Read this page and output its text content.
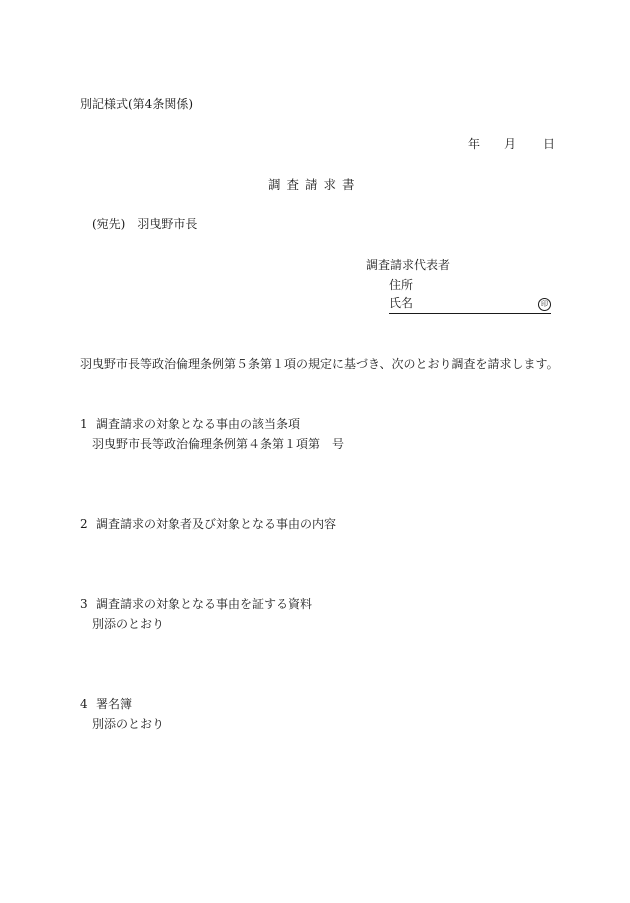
別記様式(第4条関係)
年 月 日
調査請求書
(宛先) 羽曳野市長
調査請求代表者
住所
氏名	印
羽曳野市長等政治倫理条例第５条第１項の規定に基づき、次のとおり調査を請求します。
1 調査請求の対象となる事由の該当条項
羽曳野市長等政治倫理条例第４条第１項第　号
2 調査請求の対象者及び対象となる事由の内容
3 調査請求の対象となる事由を証する資料
別添のとおり
4 署名簿
別添のとおり
